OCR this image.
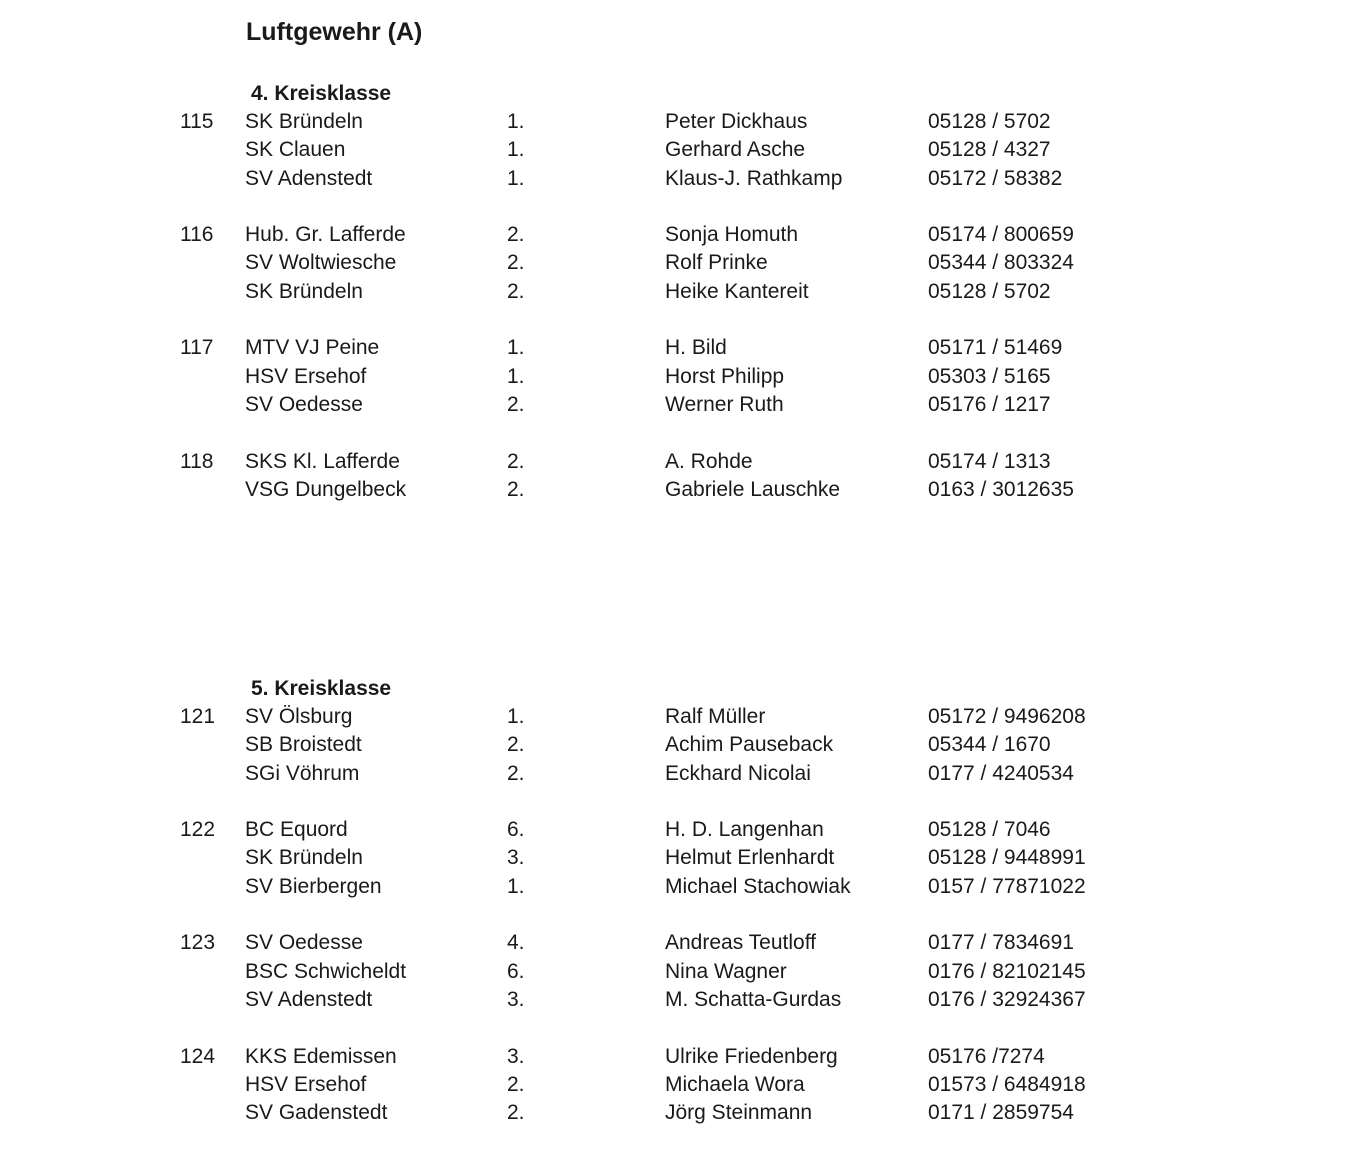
Luftgewehr (A)
4. Kreisklasse
115 SK Bründeln	1.	Peter Dickhaus	05128 / 5702
SK Clauen	1.	Gerhard Asche	05128 / 4327
SV Adenstedt	1.	Klaus-J. Rathkamp	05172 / 58382
116 Hub. Gr. Lafferde	2.	Sonja Homuth	05174 / 800659
SV Woltwiesche	2.	Rolf Prinke	05344 / 803324
SK Bründeln	2.	Heike Kantereit	05128 / 5702
117 MTV VJ Peine	1.	H. Bild	05171 / 51469
HSV Ersehof	1.	Horst Philipp	05303 / 5165
SV Oedesse	2.	Werner Ruth	05176 / 1217
118 SKS Kl. Lafferde	2.	A. Rohde	05174 / 1313
VSG Dungelbeck	2.	Gabriele Lauschke	0163 / 3012635
5. Kreisklasse
121 SV Ölsburg	1.	Ralf Müller	05172 / 9496208
SB Broistedt	2.	Achim Pauseback	05344 / 1670
SGi Vöhrum	2.	Eckhard Nicolai	0177 / 4240534
122 BC Equord	6.	H. D. Langenhan	05128 / 7046
SK Bründeln	3.	Helmut Erlenhardt	05128 / 9448991
SV Bierbergen	1.	Michael Stachowiak	0157 / 77871022
123 SV Oedesse	4.	Andreas Teutloff	0177 / 7834691
BSC Schwicheldt	6.	Nina Wagner	0176 / 82102145
SV Adenstedt	3.	M. Schatta-Gurdas	0176 / 32924367
124 KKS Edemissen	3.	Ulrike Friedenberg	05176 /7274
HSV Ersehof	2.	Michaela Wora	01573 / 6484918
SV Gadenstedt	2.	Jörg Steinmann	0171 / 2859754
